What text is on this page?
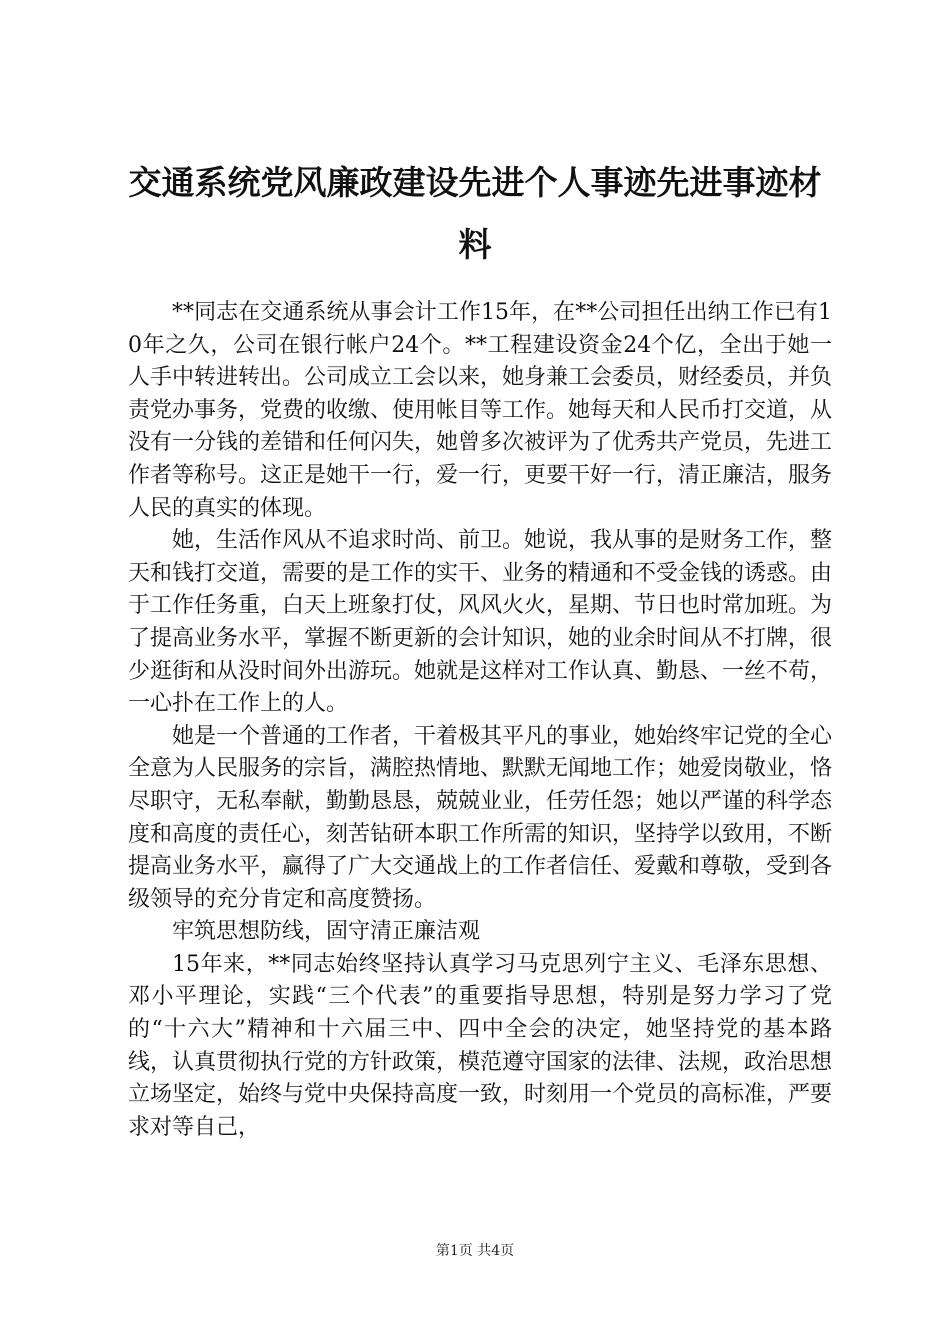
交通系统党风廉政建设先进个人事迹先进事迹材料

**同志在交通系统从事会计工作15年，在**公司担任出纳工作已有10年之久，公司在银行帐户24个。**工程建设资金24个亿，全出于她一人手中转进转出。公司成立工会以来，她身兼工会委员，财经委员，并负责党办事务，党费的收缴、使用帐目等工作。她每天和人民币打交道，从没有一分钱的差错和任何闪失，她曾多次被评为了优秀共产党员，先进工作者等称号。这正是她干一行，爱一行，更要干好一行，清正廉洁，服务人民的真实的体现。

她，生活作风从不追求时尚、前卫。她说，我从事的是财务工作，整天和钱打交道，需要的是工作的实干、业务的精通和不受金钱的诱惑。由于工作任务重，白天上班象打仗，风风火火，星期、节日也时常加班。为了提高业务水平，掌握不断更新的会计知识，她的业余时间从不打牌，很少逛街和从没时间外出游玩。她就是这样对工作认真、勤恳、一丝不苟，一心扑在工作上的人。

她是一个普通的工作者，干着极其平凡的事业，她始终牢记党的全心全意为人民服务的宗旨，满腔热情地、默默无闻地工作；她爱岗敬业，恪尽职守，无私奉献，勤勤恳恳，兢兢业业，任劳任怨；她以严谨的科学态度和高度的责任心，刻苦钻研本职工作所需的知识，坚持学以致用，不断提高业务水平，赢得了广大交通战上的工作者信任、爱戴和尊敬，受到各级领导的充分肯定和高度赞扬。

牢筑思想防线，固守清正廉洁观

15年来，**同志始终坚持认真学习马克思列宁主义、毛泽东思想、邓小平理论，实践“三个代表”的重要指导思想，特别是努力学习了党的“十六大”精神和十六届三中、四中全会的决定，她坚持党的基本路线，认真贯彻执行党的方针政策，模范遵守国家的法律、法规，政治思想立场坚定，始终与党中央保持高度一致，时刻用一个党员的高标准，严要求对等自己，

第1页 共4页
